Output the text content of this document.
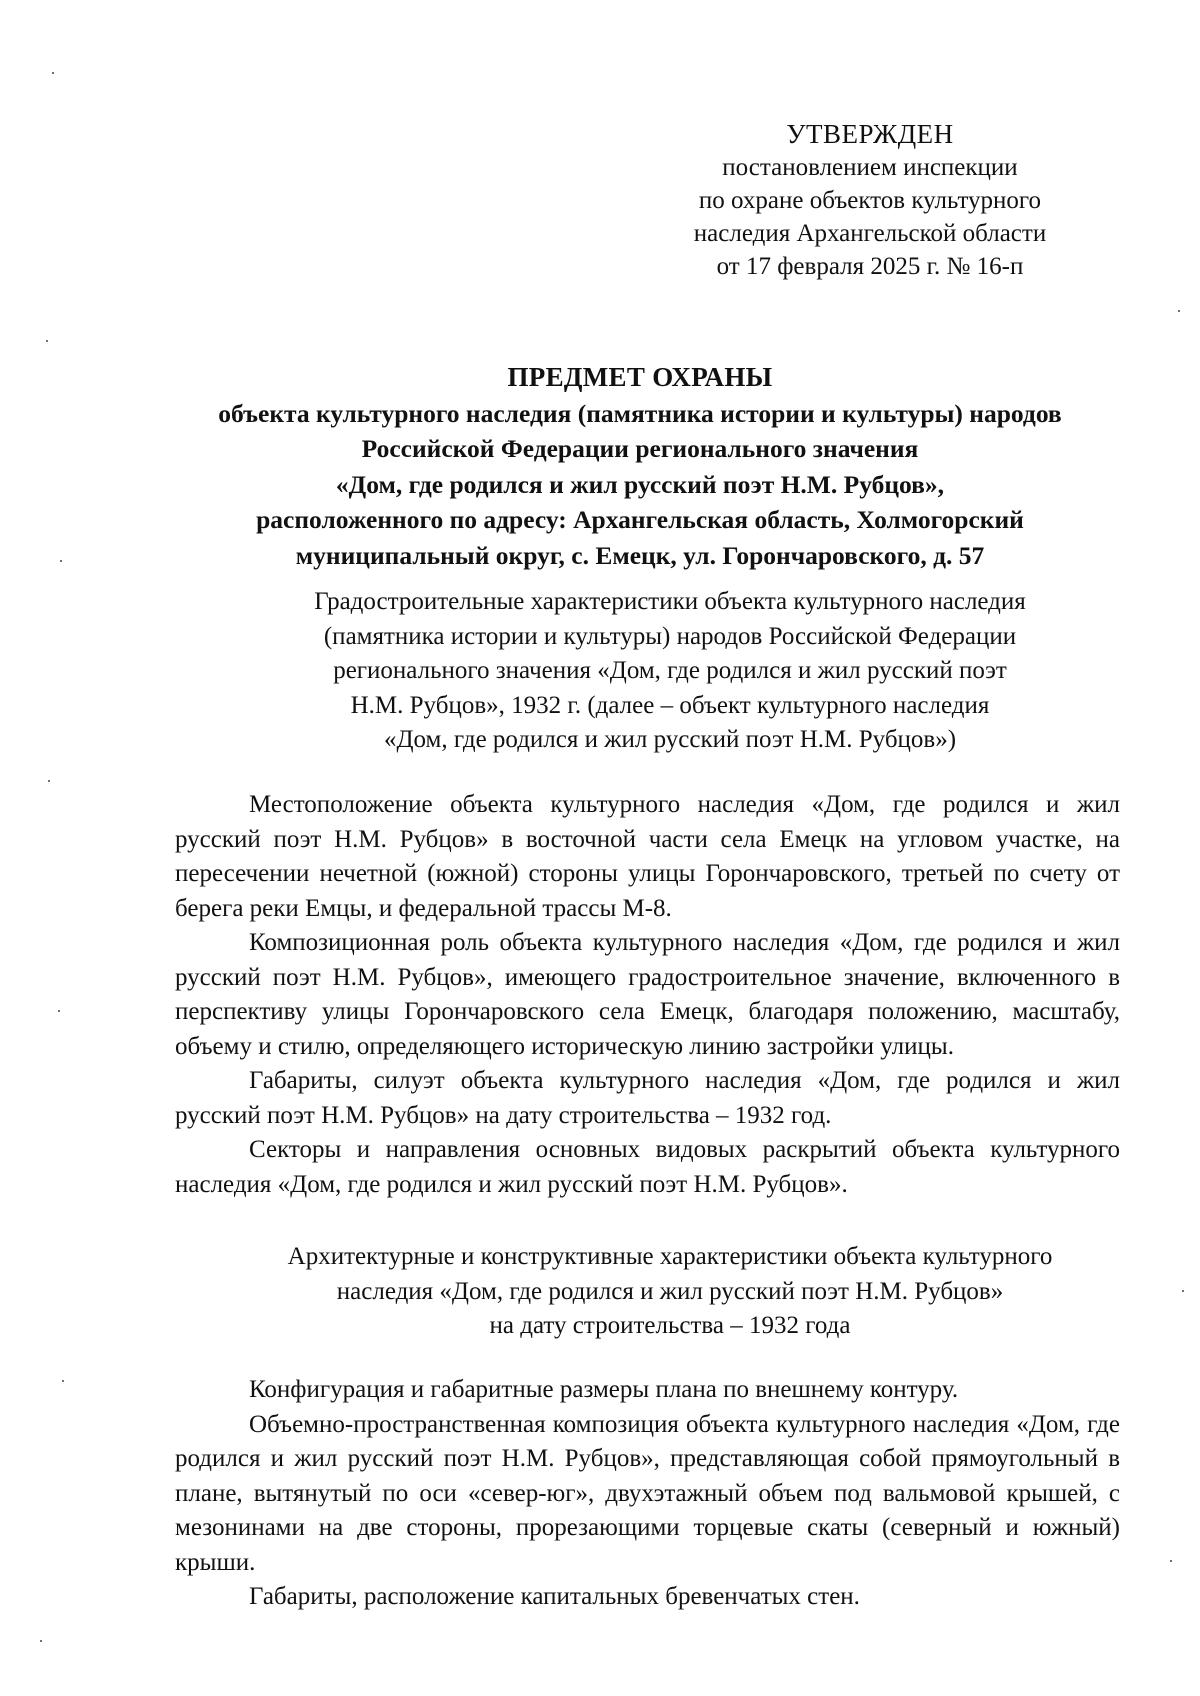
УТВЕРЖДЕН
постановлением инспекции
по охране объектов культурного
наследия Архангельской области
от 17 февраля 2025 г. № 16-п
ПРЕДМЕТ ОХРАНЫ
объекта культурного наследия (памятника истории и культуры) народов
Российской Федерации регионального значения
«Дом, где родился и жил русский поэт Н.М. Рубцов»,
расположенного по адресу: Архангельская область, Холмогорский
муниципальный округ, с. Емецк, ул. Горончаровского, д. 57
Градостроительные характеристики объекта культурного наследия
(памятника истории и культуры) народов Российской Федерации
регионального значения «Дом, где родился и жил русский поэт
Н.М. Рубцов», 1932 г. (далее – объект культурного наследия
«Дом, где родился и жил русский поэт Н.М. Рубцов»)

Местоположение объекта культурного наследия «Дом, где родился и жил русский поэт Н.М. Рубцов» в восточной части села Емецк на угловом участке, на пересечении нечетной (южной) стороны улицы Горончаровского, третьей по счету от берега реки Емцы, и федеральной трассы М-8.

Композиционная роль объекта культурного наследия «Дом, где родился и жил русский поэт Н.М. Рубцов», имеющего градостроительное значение, включенного в перспективу улицы Горончаровского села Емецк, благодаря положению, масштабу, объему и стилю, определяющего историческую линию застройки улицы.

Габариты, силуэт объекта культурного наследия «Дом, где родился и жил русский поэт Н.М. Рубцов» на дату строительства – 1932 год.

Секторы и направления основных видовых раскрытий объекта культурного наследия «Дом, где родился и жил русский поэт Н.М. Рубцов».

Архитектурные и конструктивные характеристики объекта культурного
наследия «Дом, где родился и жил русский поэт Н.М. Рубцов»
на дату строительства – 1932 года

Конфигурация и габаритные размеры плана по внешнему контуру.

Объемно-пространственная композиция объекта культурного наследия «Дом, где родился и жил русский поэт Н.М. Рубцов», представляющая собой прямоугольный в плане, вытянутый по оси «север-юг», двухэтажный объем под вальмовой крышей, с мезонинами на две стороны, прорезающими торцевые скаты (северный и южный) крыши.

Габариты, расположение капитальных бревенчатых стен.
